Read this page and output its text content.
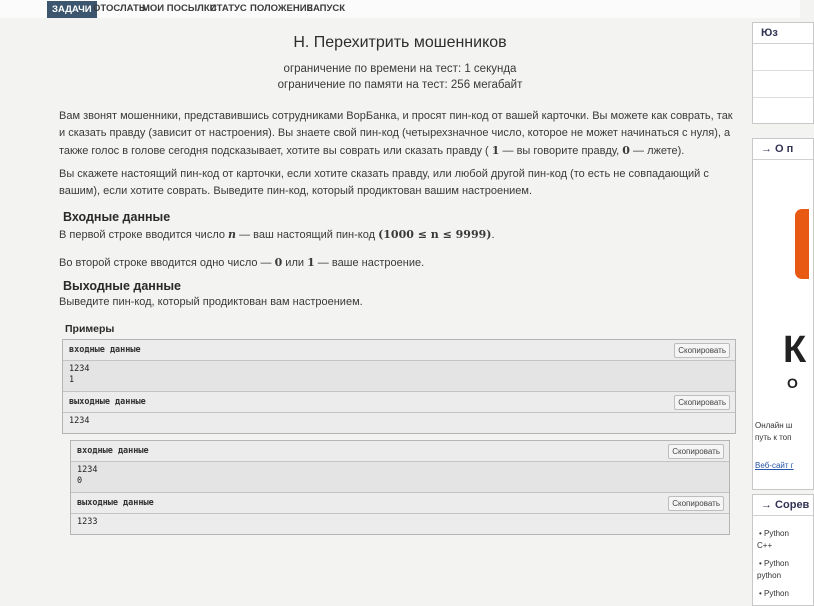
ЗАДАЧИ ОТОСЛАТЬ
МОИ ПОСЫЛКИ
СТАТУС ПОЛОЖЕНИЕ
ЗАПУСК
H. Перехитрить мошенников
ограничение по времени на тест: 1 секунда
ограничение по памяти на тест: 256 мегабайт
Вам звонят мошенники, представившись сотрудниками ВорБанка, и просят пин-код от вашей карточки. Вы можете как соврать, так и сказать правду (зависит от настроения). Вы знаете свой пин-код (четырехзначное число, которое не может начинаться с нуля), а также голос в голове сегодня подсказывает, хотите вы соврать или сказать правду ( 1 — вы говорите правду, 0 — лжете).
Вы скажете настоящий пин-код от карточки, если хотите сказать правду, или любой другой пин-код (то есть не совпадающий с вашим), если хотите соврать. Выведите пин-код, который продиктован вашим настроением.
Входные данные
В первой строке вводится число n — ваш настоящий пин-код (1000 ≤ n ≤ 9999).
Во второй строке вводится одно число — 0 или 1 — ваше настроение.
Выходные данные
Выведите пин-код, который продиктован вам настроением.
Примеры
входные данные	Скопировать
1234
1
выходные данные	Скопировать
1234
входные данные	Скопировать
1234
0
выходные данные	Скопировать
1233
Юз
→ О п
К
О
Онлайн ш
путь к топ
Веб-сайт г
→ Сорев
• Python
C++
• Python
python
• Python
